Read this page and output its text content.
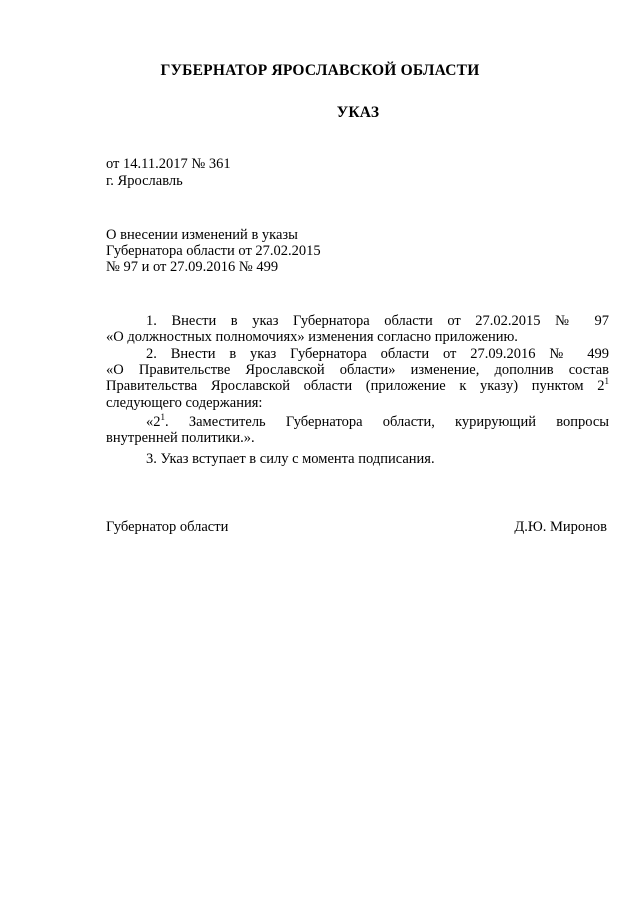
ГУБЕРНАТОР ЯРОСЛАВСКОЙ ОБЛАСТИ
УКАЗ
от 14.11.2017 № 361
г. Ярославль
О внесении изменений в указы
Губернатора области от 27.02.2015
№ 97 и от 27.09.2016 № 499
1. Внести в указ Губернатора области от 27.02.2015 № 97
«О должностных полномочиях» изменения согласно приложению.
2. Внести в указ Губернатора области от 27.09.2016 № 499
«О Правительстве Ярославской области» изменение, дополнив состав
Правительства Ярославской области (приложение к указу) пунктом $2^1$
следующего содержания:
«$2^1$. Заместитель Губернатора области, курирующий вопросы
внутренней политики.».
3. Указ вступает в силу с момента подписания.
Губернатор области	Д.Ю. Миронов
